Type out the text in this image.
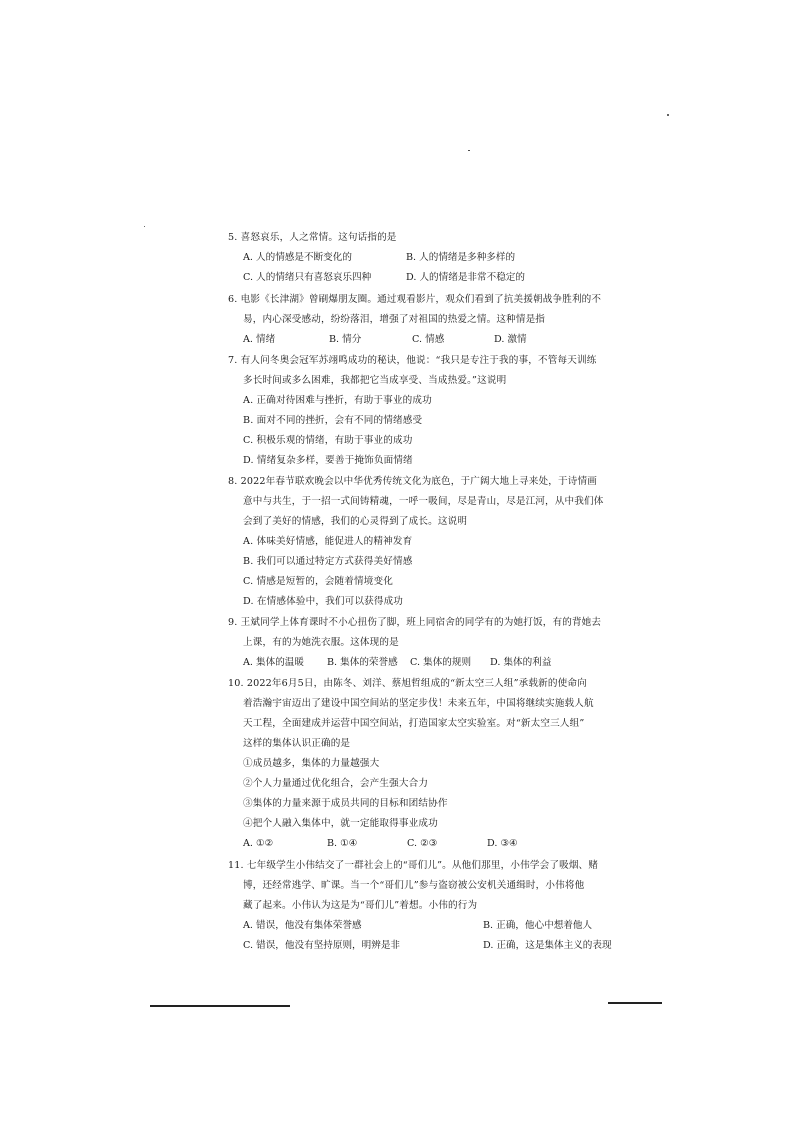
5. 喜怒哀乐，人之常情。这句话指的是
A. 人的情感是不断变化的	B. 人的情绪是多种多样的
C. 人的情绪只有喜怒哀乐四种	D. 人的情绪是非常不稳定的
6. 电影《长津湖》曾刷爆朋友圈。通过观看影片，观众们看到了抗美援朝战争胜利的不
易，内心深受感动，纷纷落泪，增强了对祖国的热爱之情。这种情是指
A. 情绪	B. 情分	C. 情感	D. 激情
7. 有人问冬奥会冠军苏翊鸣成功的秘诀，他说：“我只是专注于我的事，不管每天训练
多长时间或多么困难，我都把它当成享受、当成热爱。”这说明
A. 正确对待困难与挫折，有助于事业的成功
B. 面对不同的挫折，会有不同的情绪感受
C. 积极乐观的情绪，有助于事业的成功
D. 情绪复杂多样，要善于掩饰负面情绪
8. 2022年春节联欢晚会以中华优秀传统文化为底色，于广阔大地上寻来处，于诗情画
意中与共生，于一招一式间铸精魂，一呼一吸间，尽是青山，尽是江河，从中我们体
会到了美好的情感，我们的心灵得到了成长。这说明
A. 体味美好情感，能促进人的精神发育
B. 我们可以通过特定方式获得美好情感
C. 情感是短暂的，会随着情境变化
D. 在情感体验中，我们可以获得成功
9. 王斌同学上体育课时不小心扭伤了脚，班上同宿舍的同学有的为她打饭，有的背她去
上课，有的为她洗衣服。这体现的是
A. 集体的温暖	B. 集体的荣誉感	C. 集体的规则	D. 集体的利益
10. 2022年6月5日，由陈冬、刘洋、蔡旭哲组成的“新太空三人组”承载新的使命向
着浩瀚宇宙迈出了建设中国空间站的坚定步伐！未来五年，中国将继续实施载人航
天工程，全面建成并运营中国空间站，打造国家太空实验室。对“新太空三人组”
这样的集体认识正确的是
①成员越多，集体的力量越强大
②个人力量通过优化组合，会产生强大合力
③集体的力量来源于成员共同的目标和团结协作
④把个人融入集体中，就一定能取得事业成功
A. ①②	B. ①④	C. ②③	D. ③④
11. 七年级学生小伟结交了一群社会上的“哥们儿”。从他们那里，小伟学会了吸烟、赌
博，还经常逃学、旷课。当一个“哥们儿”参与盗窃被公安机关通缉时，小伟将他
藏了起来。小伟认为这是为“哥们儿”着想。小伟的行为
A. 错误，他没有集体荣誉感	B. 正确，他心中想着他人
C. 错误，他没有坚持原则，明辨是非	D. 正确，这是集体主义的表现
